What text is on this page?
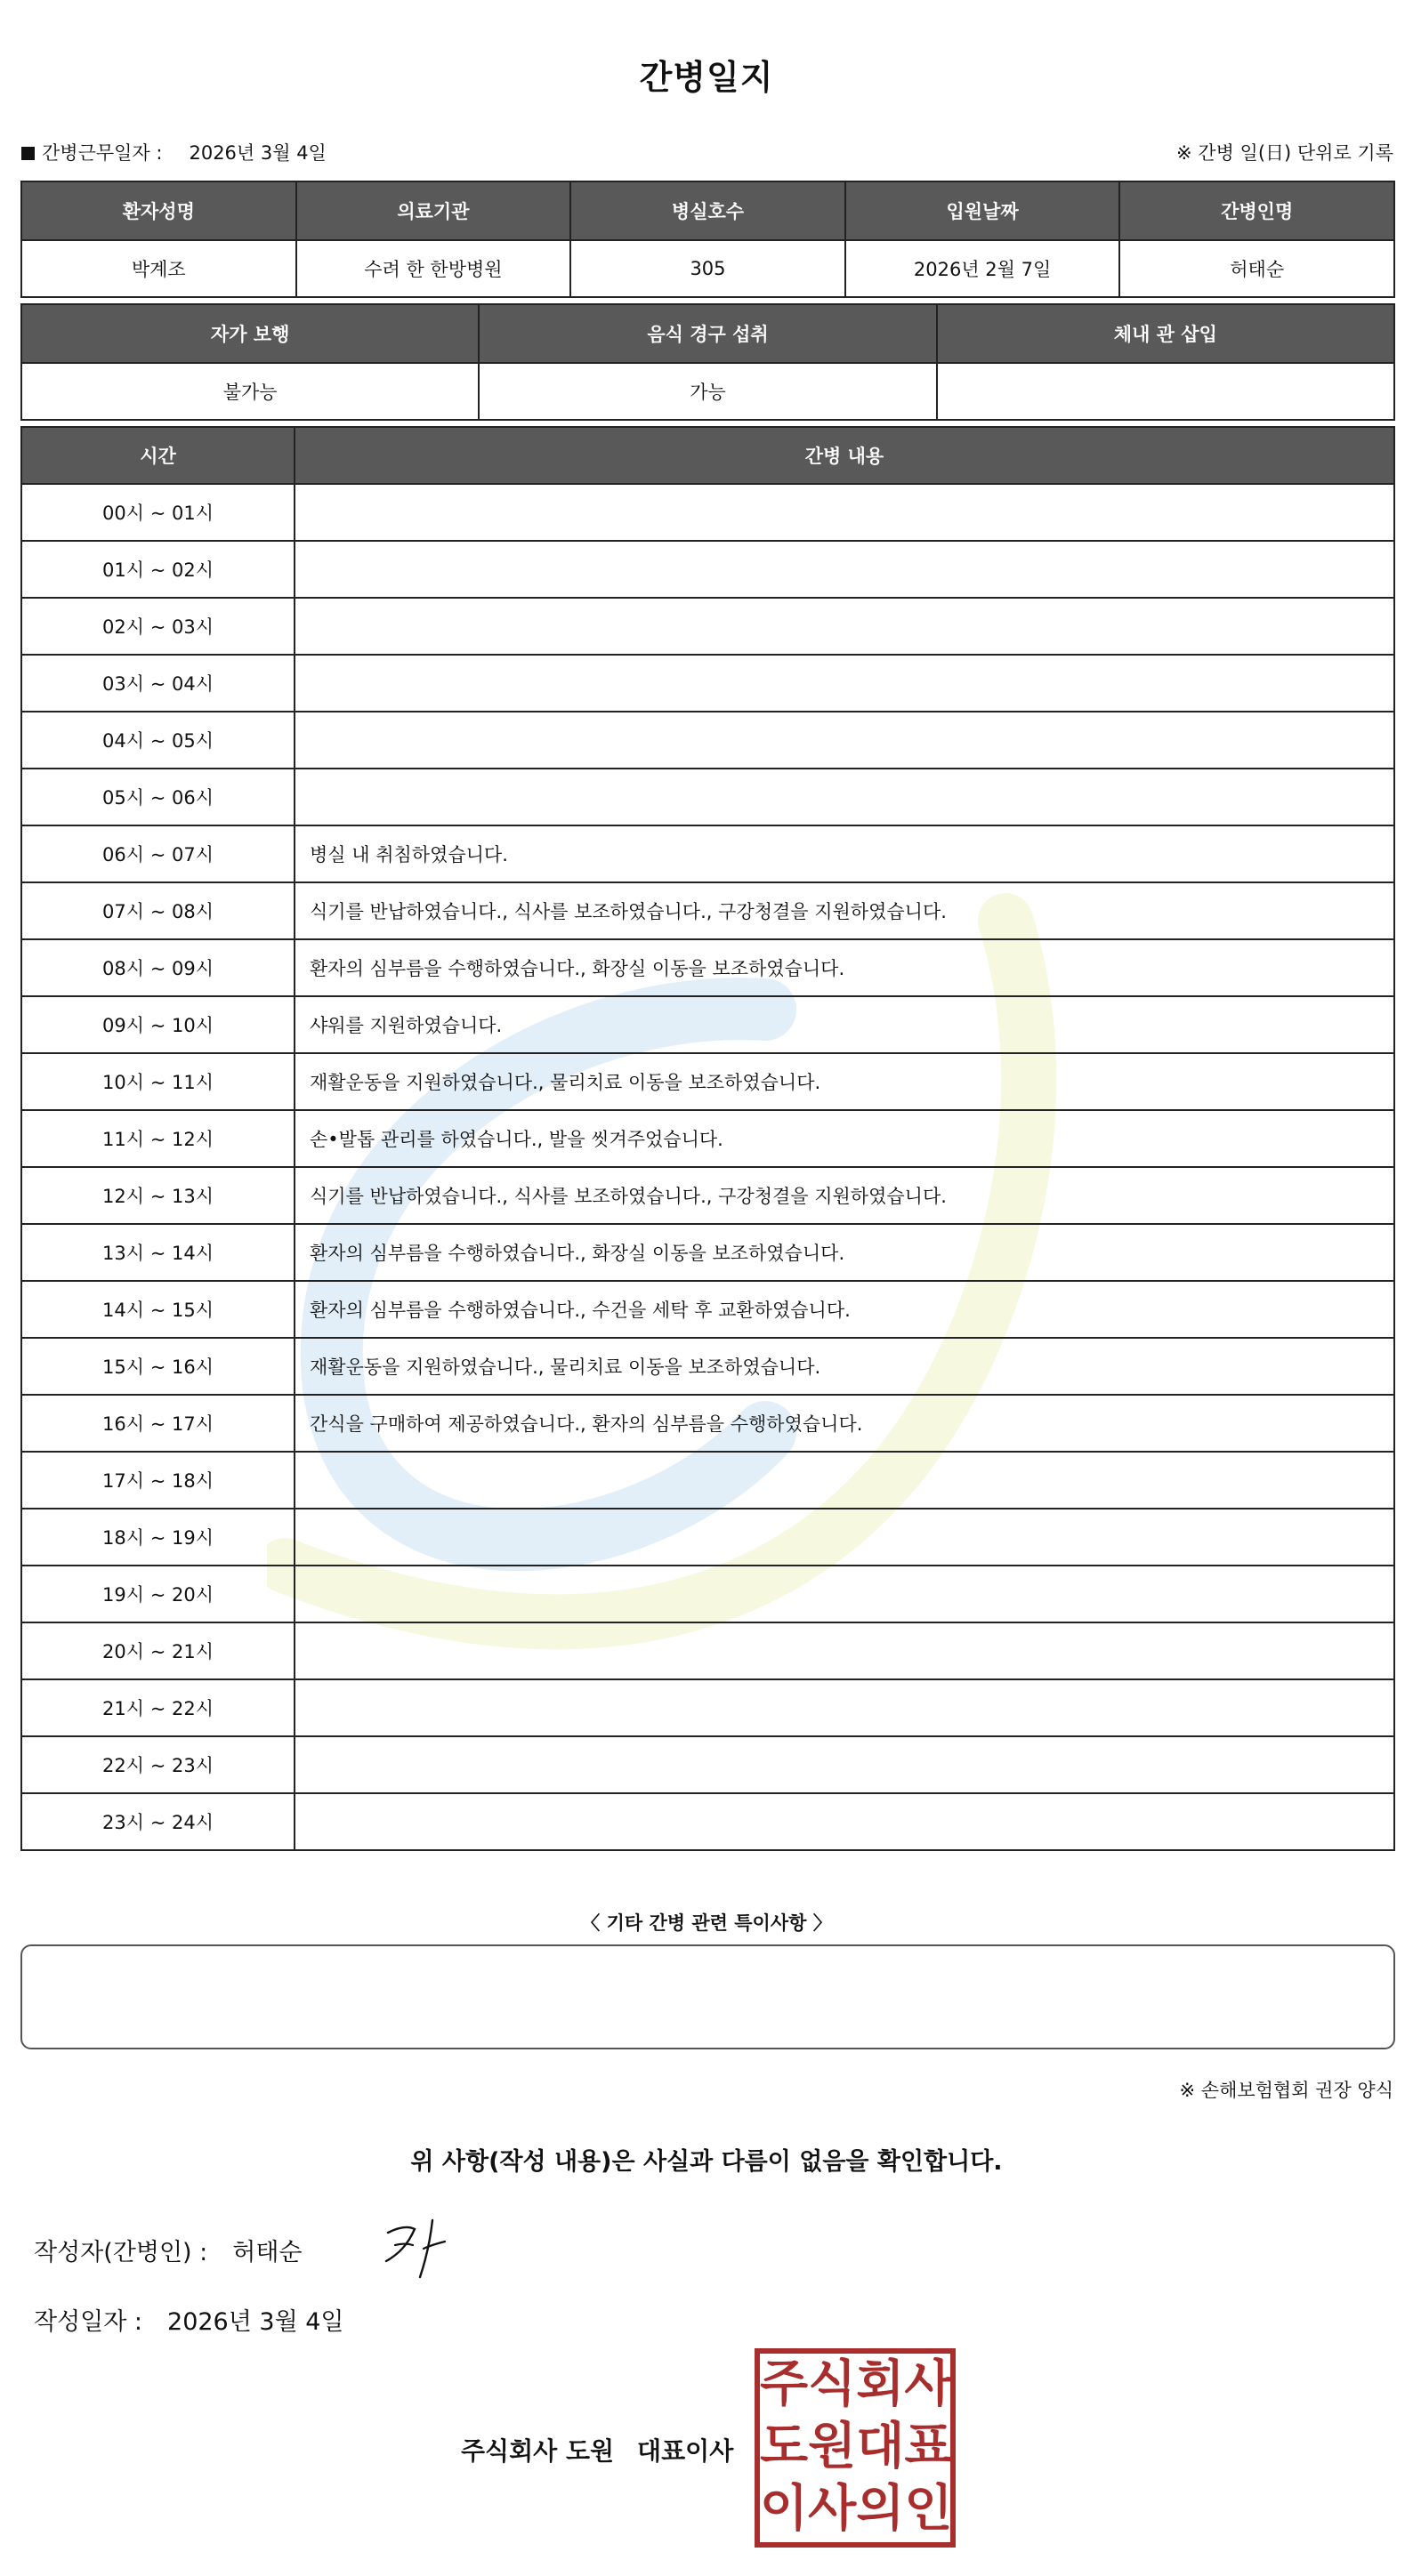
간병일지
간병근무일자 : 2026년 3월 4일	※ 간병 일(日) 단위로 기록
환자성명	의료기관	병실호수	입원날짜	간병인명
박계조	수려 한 한방병원	305	2026년 2월 7일	허태순
자가 보행	음식 경구 섭취	체내 관 삽입
불가능	가능	
시간	간병 내용
00시 ~ 01시	
01시 ~ 02시	
02시 ~ 03시	
03시 ~ 04시	
04시 ~ 05시	
05시 ~ 06시	
06시 ~ 07시	병실 내 취침하였습니다.
07시 ~ 08시	식기를 반납하였습니다., 식사를 보조하였습니다., 구강청결을 지원하였습니다.
08시 ~ 09시	환자의 심부름을 수행하였습니다., 화장실 이동을 보조하였습니다.
09시 ~ 10시	샤워를 지원하였습니다.
10시 ~ 11시	재활운동을 지원하였습니다., 물리치료 이동을 보조하였습니다.
11시 ~ 12시	손•발톱 관리를 하였습니다., 발을 씻겨주었습니다.
12시 ~ 13시	식기를 반납하였습니다., 식사를 보조하였습니다., 구강청결을 지원하였습니다.
13시 ~ 14시	환자의 심부름을 수행하였습니다., 화장실 이동을 보조하였습니다.
14시 ~ 15시	환자의 심부름을 수행하였습니다., 수건을 세탁 후 교환하였습니다.
15시 ~ 16시	재활운동을 지원하였습니다., 물리치료 이동을 보조하였습니다.
16시 ~ 17시	간식을 구매하여 제공하였습니다., 환자의 심부름을 수행하였습니다.
17시 ~ 18시	
18시 ~ 19시	
19시 ~ 20시	
20시 ~ 21시	
21시 ~ 22시	
22시 ~ 23시	
23시 ~ 24시	
〈 기타 간병 관련 특이사항 〉
※ 손해보험협회 권장 양식
위 사항(작성 내용)은 사실과 다름이 없음을 확인합니다.
작성자(간병인) : 허태순
작성일자 : 2026년 3월 4일
주식회사 도원 대표이사
주 식 회 사
도 원 대 표
이 사 의 인
